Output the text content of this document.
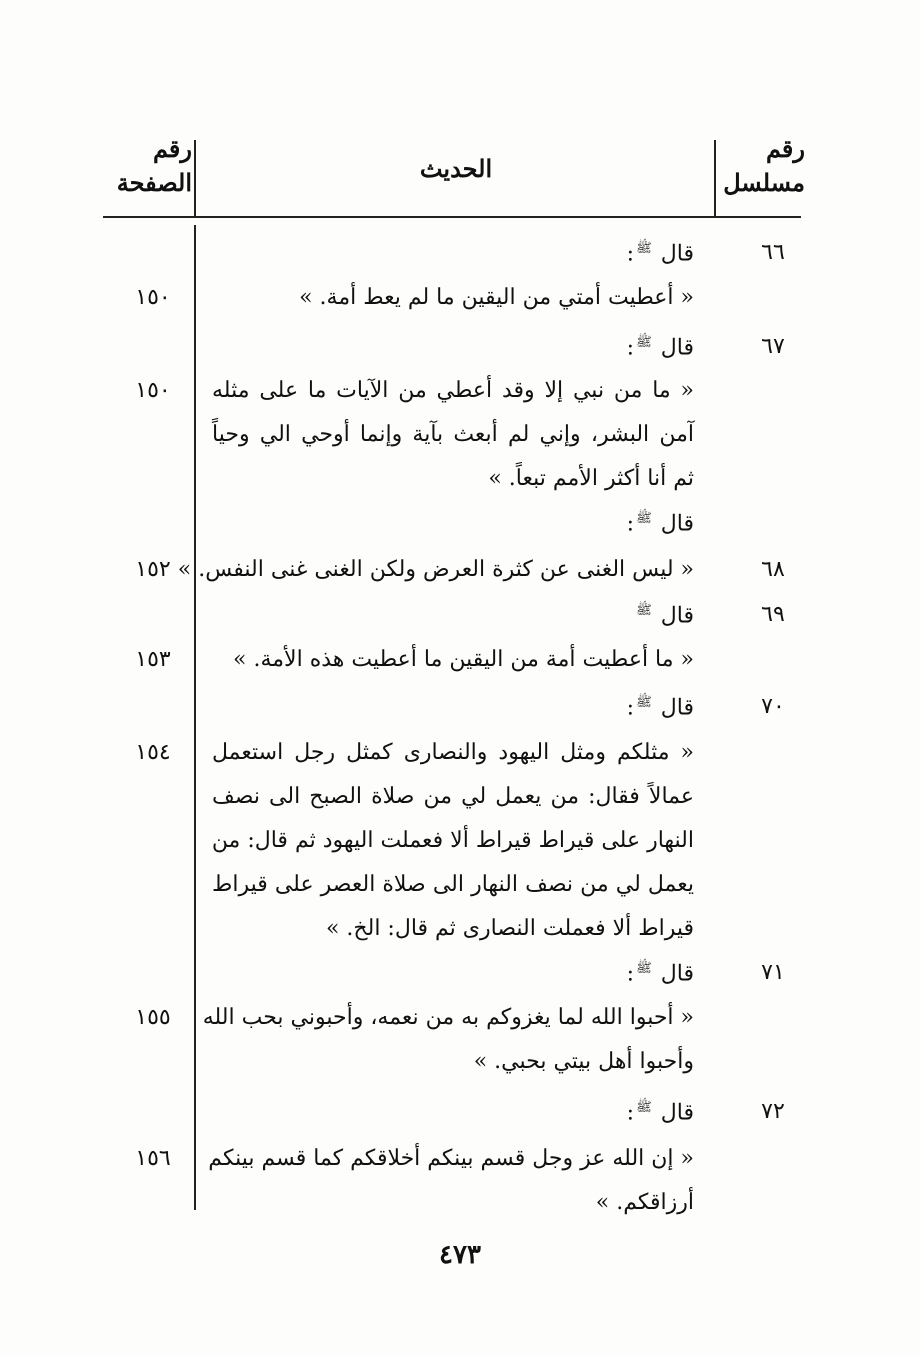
رقم
مسلسل
الحديث
رقم
الصفحة
٦٦
٦٧
٦٨
٦٩
٧٠
٧١
٧٢
١٥٠
١٥٠
١٥٢
١٥٣
١٥٤
١٥٥
١٥٦
قال $^ﷺ$:
« أعطيت أمتي من اليقين ما لم يعط أمة. »
قال $^ﷺ$:
« ما من نبي إلا وقد أعطي من الآيات ما على مثله
آمن البشر، وإني لم أبعث بآية وإنما أوحي الي وحياً
ثم أنا أكثر الأمم تبعاً. »
قال $^ﷺ$:
« ليس الغنى عن كثرة العرض ولكن الغنى غنى النفس. »
قال $^ﷺ$
« ما أعطيت أمة من اليقين ما أعطيت هذه الأمة. »
قال $^ﷺ$:
« مثلكم ومثل اليهود والنصارى كمثل رجل استعمل
عمالاً فقال: من يعمل لي من صلاة الصبح الى نصف
النهار على قيراط قيراط ألا فعملت اليهود ثم قال: من
يعمل لي من نصف النهار الى صلاة العصر على قيراط
قيراط ألا فعملت النصارى ثم قال: الخ. »
قال $^ﷺ$:
« أحبوا الله لما يغزوكم به من نعمه، وأحبوني بحب الله
وأحبوا أهل بيتي بحبي. »
قال $^ﷺ$:
« إن الله عز وجل قسم بينكم أخلاقكم كما قسم بينكم
أرزاقكم. »
٤٧٣
